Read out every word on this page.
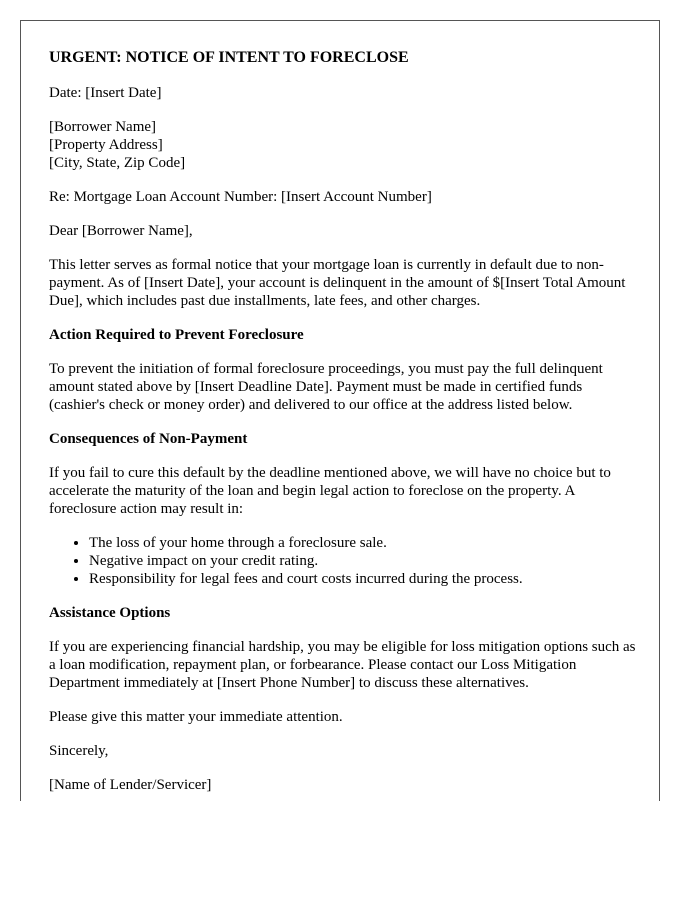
URGENT: NOTICE OF INTENT TO FORECLOSE

Date: [Insert Date]

[Borrower Name]
[Property Address]
[City, State, Zip Code]

Re: Mortgage Loan Account Number: [Insert Account Number]

Dear [Borrower Name],

This letter serves as formal notice that your mortgage loan is currently in default due to non-payment. As of [Insert Date], your account is delinquent in the amount of $[Insert Total Amount Due], which includes past due installments, late fees, and other charges.

Action Required to Prevent Foreclosure

To prevent the initiation of formal foreclosure proceedings, you must pay the full delinquent amount stated above by [Insert Deadline Date]. Payment must be made in certified funds (cashier's check or money order) and delivered to our office at the address listed below.

Consequences of Non-Payment

If you fail to cure this default by the deadline mentioned above, we will have no choice but to accelerate the maturity of the loan and begin legal action to foreclose on the property. A foreclosure action may result in:

• The loss of your home through a foreclosure sale.
• Negative impact on your credit rating.
• Responsibility for legal fees and court costs incurred during the process.

Assistance Options

If you are experiencing financial hardship, you may be eligible for loss mitigation options such as a loan modification, repayment plan, or forbearance. Please contact our Loss Mitigation Department immediately at [Insert Phone Number] to discuss these alternatives.

Please give this matter your immediate attention.

Sincerely,

[Name of Lender/Servicer]
